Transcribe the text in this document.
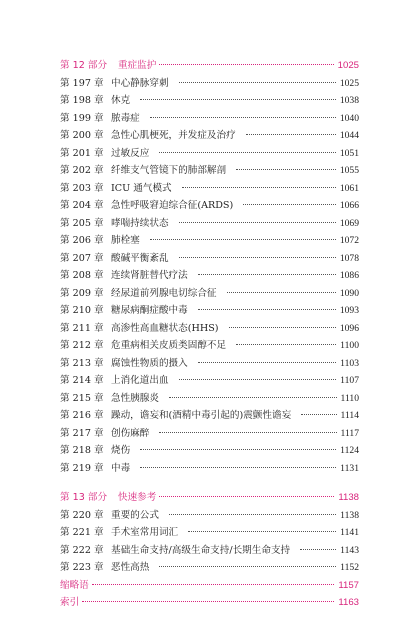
第 12 部分	重症监护	1025
第 197 章 中心静脉穿刺	1025
第 198 章 休克	1038
第 199 章 脓毒症	1040
第 200 章 急性心肌梗死，并发症及治疗	1044
第 201 章 过敏反应	1051
第 202 章 纤维支气管镜下的肺部解剖	1055
第 203 章 ICU 通气模式	1061
第 204 章 急性呼吸窘迫综合征(ARDS)	1066
第 205 章 哮喘持续状态	1069
第 206 章 肺栓塞	1072
第 207 章 酸碱平衡紊乱	1078
第 208 章 连续肾脏替代疗法	1086
第 209 章 经尿道前列腺电切综合征	1090
第 210 章 糖尿病酮症酸中毒	1093
第 211 章 高渗性高血糖状态(HHS)	1096
第 212 章 危重病相关皮质类固醇不足	1100
第 213 章 腐蚀性物质的摄入	1103
第 214 章 上消化道出血	1107
第 215 章 急性胰腺炎	1110
第 216 章 躁动，谵妄和(酒精中毒引起的)震颤性谵妄	1114
第 217 章 创伤麻醉	1117
第 218 章 烧伤	1124
第 219 章 中毒	1131
第 13 部分	快速参考	1138
第 220 章 重要的公式	1138
第 221 章 手术室常用词汇	1141
第 222 章 基础生命支持/高级生命支持/长期生命支持	1143
第 223 章 恶性高热	1152
缩略语	1157
索引	1163
